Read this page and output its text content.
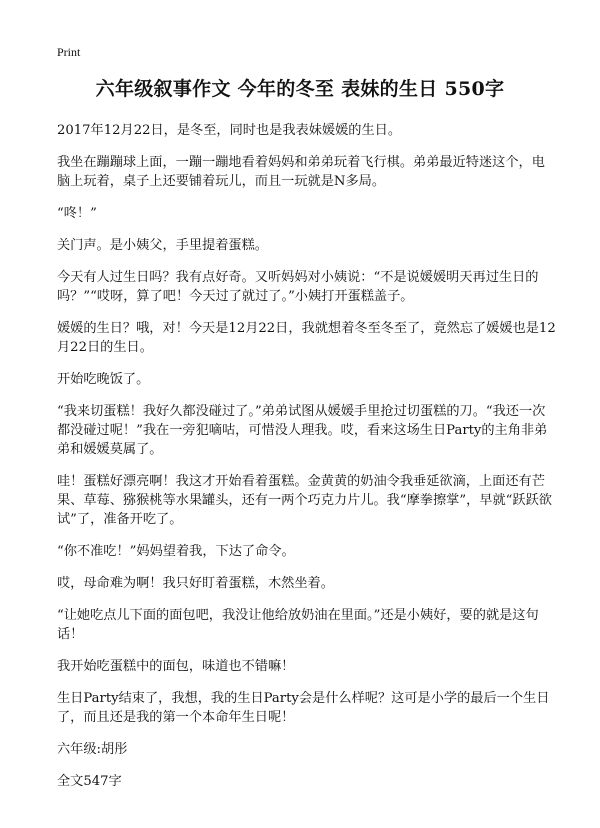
Print
六年级叙事作文 今年的冬至 表妹的生日 550字

2017年12月22日，是冬至，同时也是我表妹媛媛的生日。

我坐在蹦蹦球上面，一蹦一蹦地看着妈妈和弟弟玩着飞行棋。弟弟最近特迷这个，电脑上玩着，桌子上还要铺着玩儿，而且一玩就是N多局。

“咚！”

关门声。是小姨父，手里提着蛋糕。

今天有人过生日吗？我有点好奇。又听妈妈对小姨说：“不是说媛媛明天再过生日的吗？”“哎呀，算了吧！今天过了就过了。”小姨打开蛋糕盖子。

媛媛的生日？哦，对！今天是12月22日，我就想着冬至冬至了，竟然忘了媛媛也是12月22日的生日。

开始吃晚饭了。

“我来切蛋糕！我好久都没碰过了。”弟弟试图从媛媛手里抢过切蛋糕的刀。“我还一次都没碰过呢！”我在一旁犯嘀咕，可惜没人理我。哎，看来这场生日Party的主角非弟弟和媛媛莫属了。

哇！蛋糕好漂亮啊！我这才开始看着蛋糕。金黄黄的奶油令我垂延欲滴，上面还有芒果、草莓、猕猴桃等水果罐头，还有一两个巧克力片儿。我“摩拳擦掌”，早就“跃跃欲试”了，准备开吃了。

“你不准吃！”妈妈望着我，下达了命令。

哎，母命难为啊！我只好盯着蛋糕，木然坐着。

“让她吃点儿下面的面包吧，我没让他给放奶油在里面。”还是小姨好，要的就是这句话！

我开始吃蛋糕中的面包，味道也不错嘛！

生日Party结束了，我想，我的生日Party会是什么样呢？这可是小学的最后一个生日了，而且还是我的第一个本命年生日呢！

六年级:胡彤

全文547字
